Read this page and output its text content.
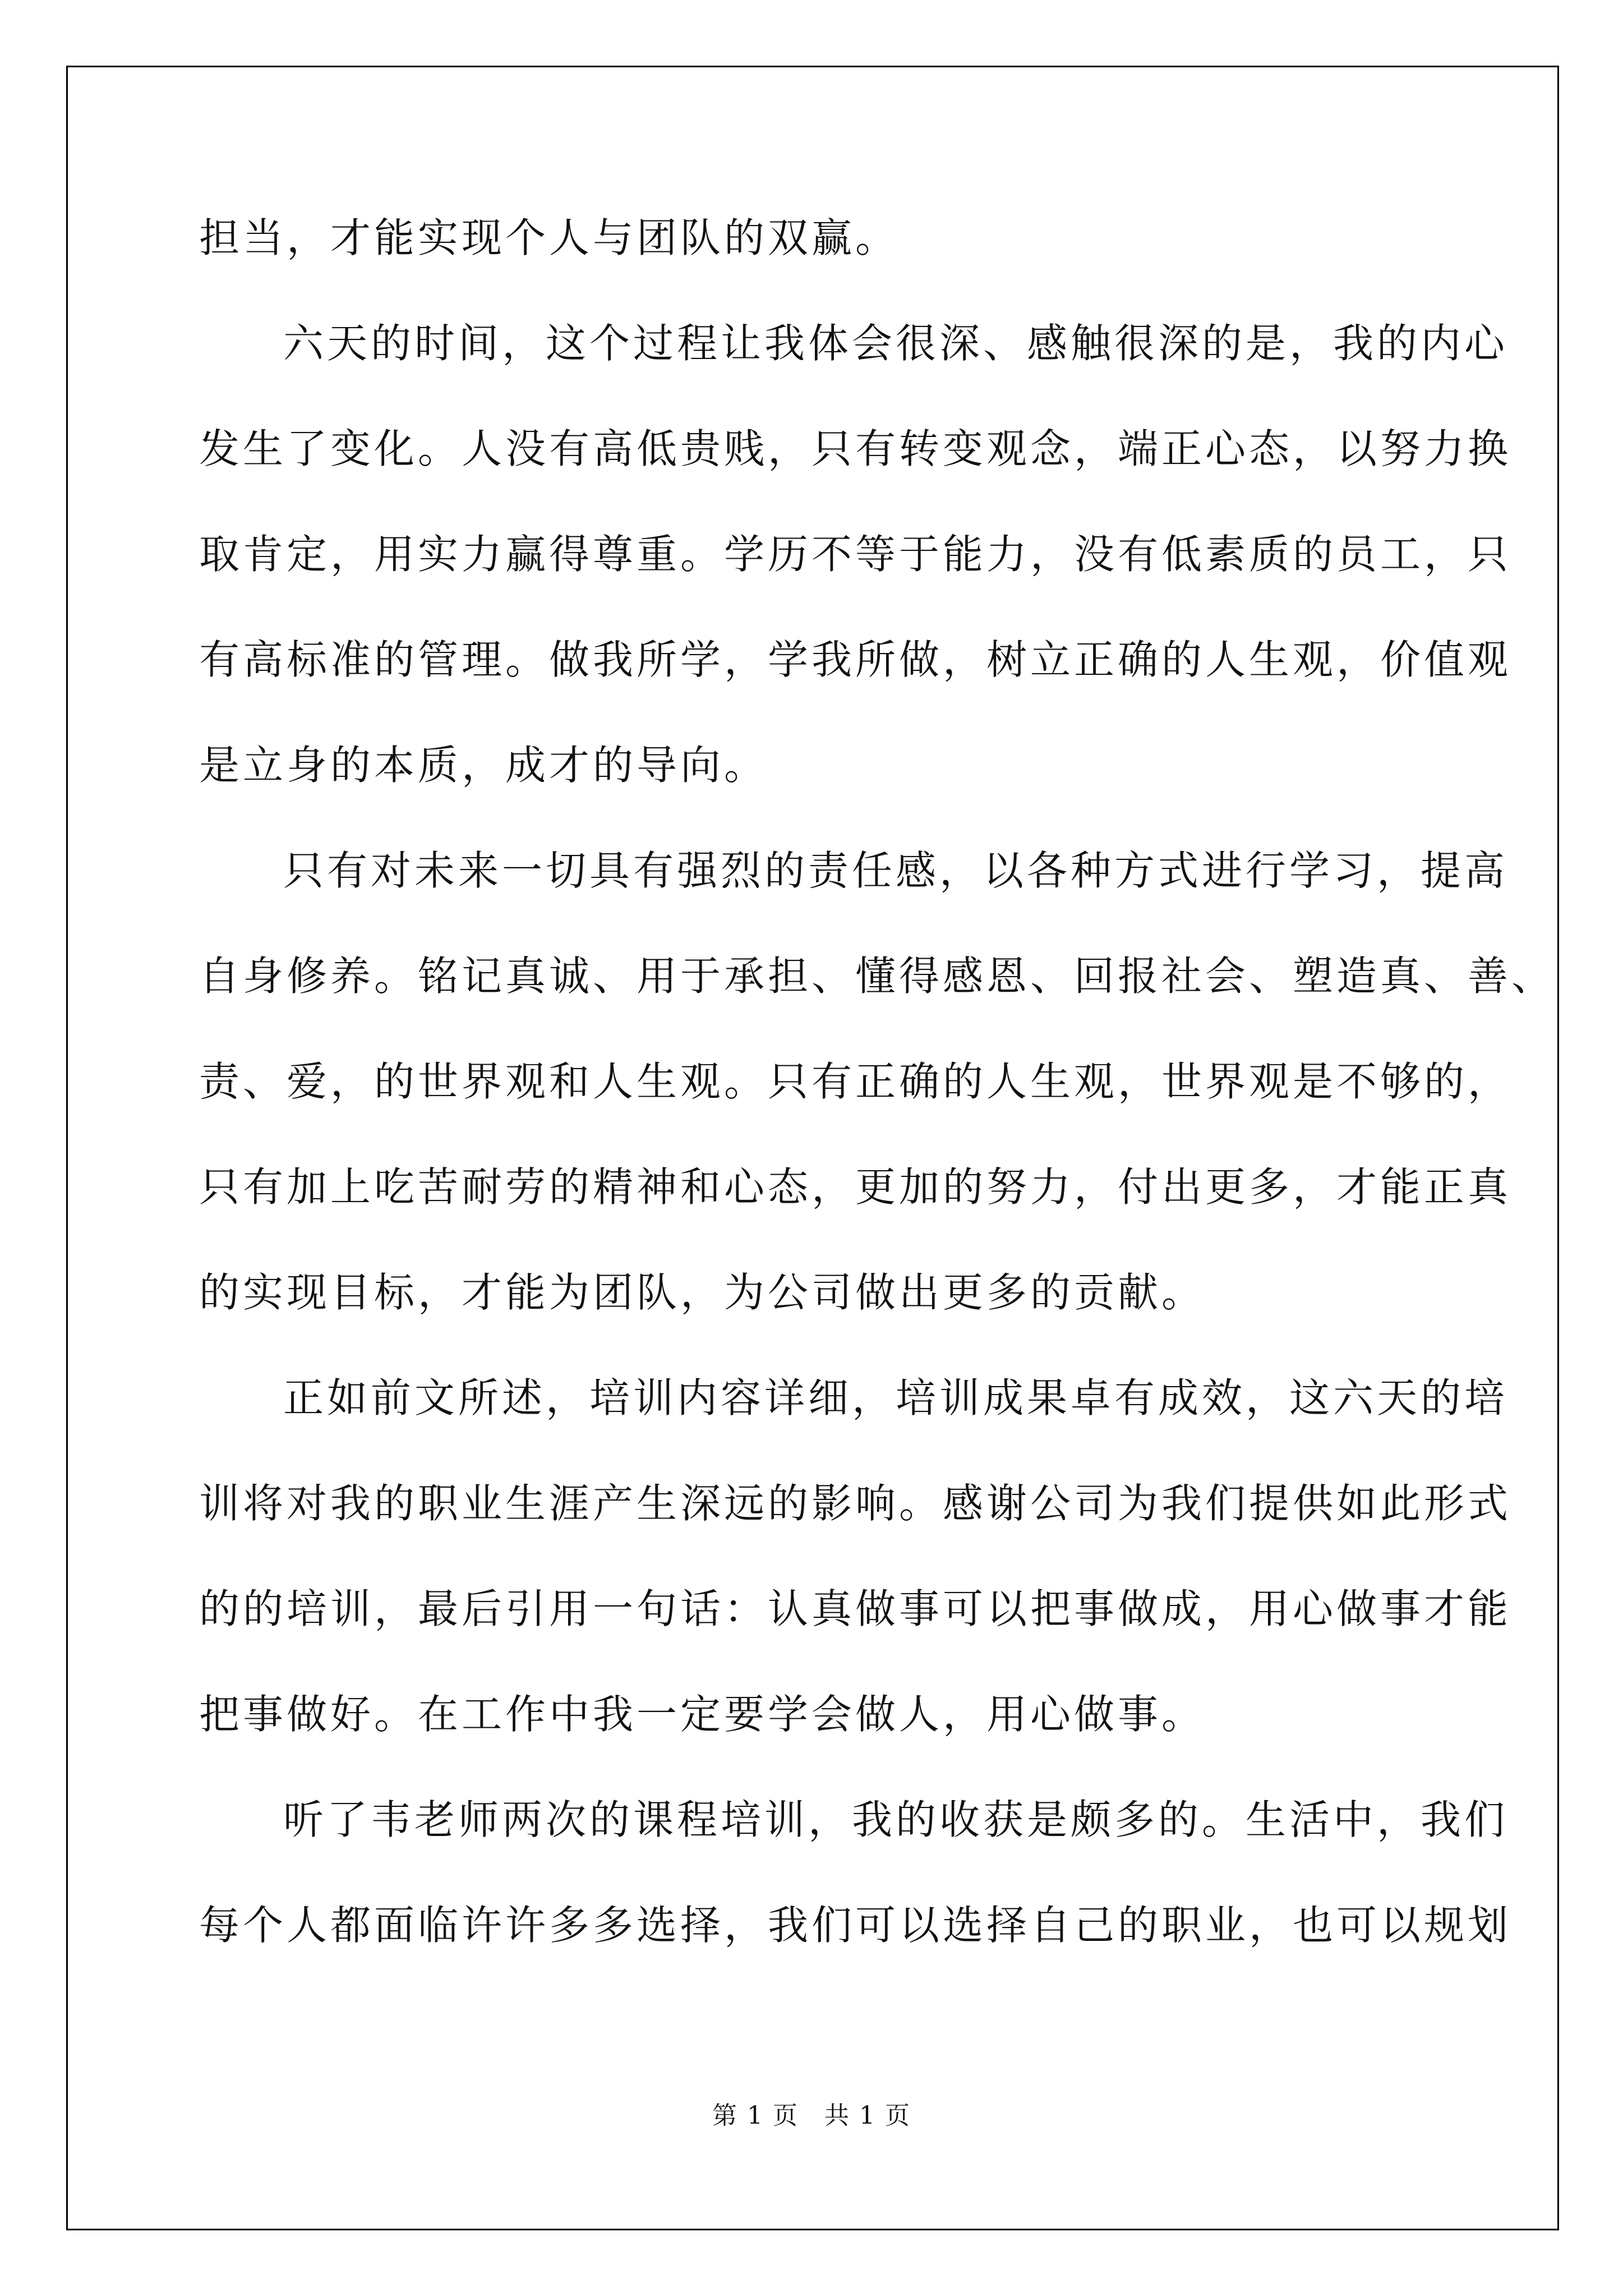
担当，才能实现个人与团队的双赢。
六天的时间，这个过程让我体会很深、感触很深的是，我的内心
发生了变化。人没有高低贵贱，只有转变观念，端正心态，以努力换
取肯定，用实力赢得尊重。学历不等于能力，没有低素质的员工，只
有高标准的管理。做我所学，学我所做，树立正确的人生观，价值观
是立身的本质，成才的导向。
只有对未来一切具有强烈的责任感，以各种方式进行学习，提高
自身修养。铭记真诚、用于承担、懂得感恩、回报社会、塑造真、善、
责、爱，的世界观和人生观。只有正确的人生观，世界观是不够的，
只有加上吃苦耐劳的精神和心态，更加的努力，付出更多，才能正真
的实现目标，才能为团队，为公司做出更多的贡献。
正如前文所述，培训内容详细，培训成果卓有成效，这六天的培
训将对我的职业生涯产生深远的影响。感谢公司为我们提供如此形式
的的培训，最后引用一句话：认真做事可以把事做成，用心做事才能
把事做好。在工作中我一定要学会做人，用心做事。
听了韦老师两次的课程培训，我的收获是颇多的。生活中，我们
每个人都面临许许多多选择，我们可以选择自己的职业，也可以规划
第 1 页 共 1 页
